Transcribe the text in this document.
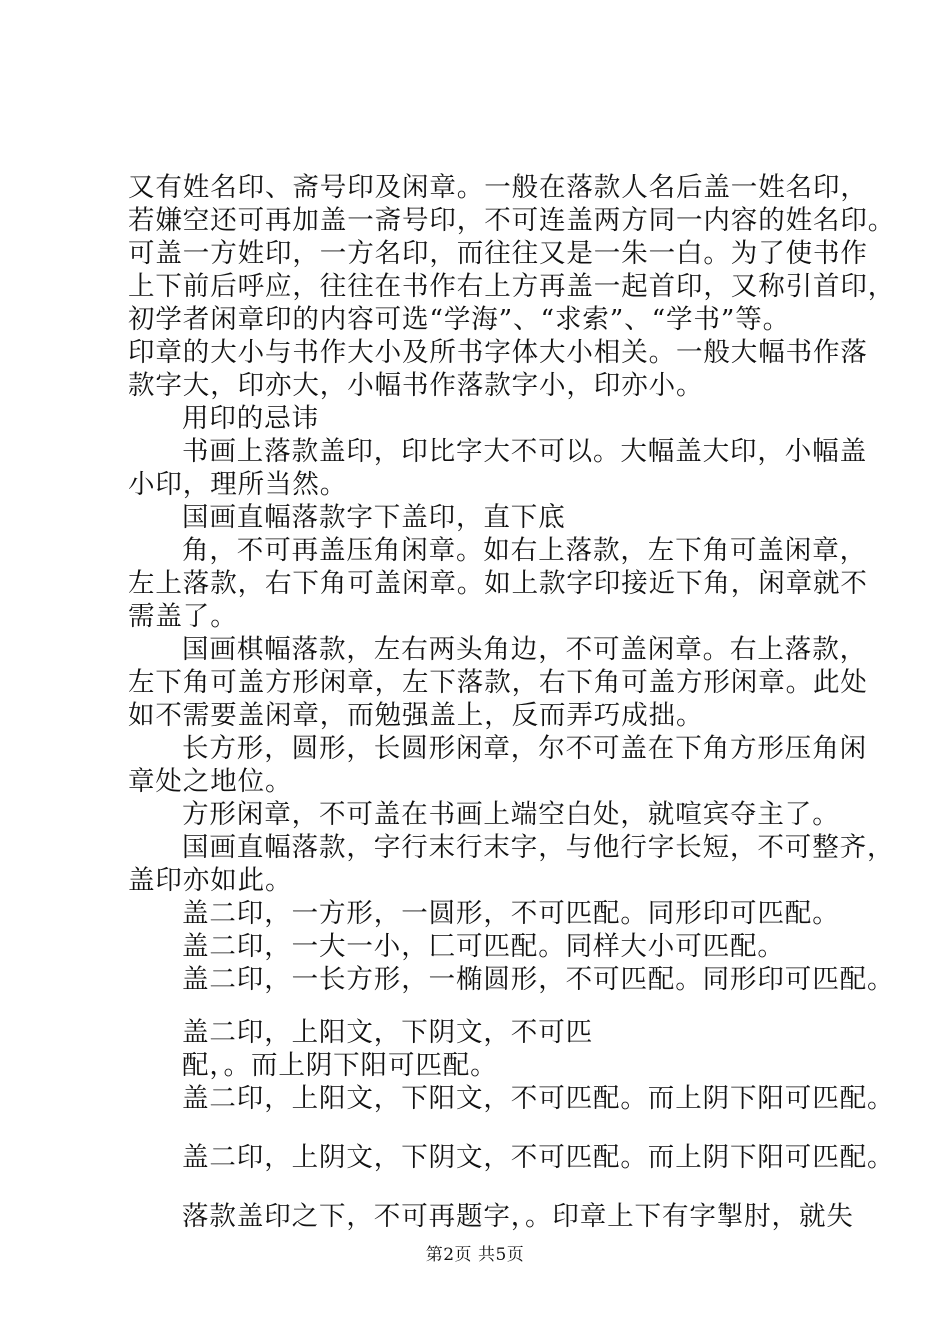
又有姓名印、斋号印及闲章。一般在落款人名后盖一姓名印，
若嫌空还可再加盖一斋号印，不可连盖两方同一内容的姓名印。
可盖一方姓印，一方名印，而往往又是一朱一白。为了使书作
上下前后呼应，往往在书作右上方再盖一起首印，又称引首印，
初学者闲章印的内容可选“学海”、“求索”、“学书”等。
印章的大小与书作大小及所书字体大小相关。一般大幅书作落
款字大，印亦大，小幅书作落款字小，印亦小。
用印的忌讳
书画上落款盖印，印比字大不可以。大幅盖大印，小幅盖
小印，理所当然。
国画直幅落款字下盖印，直下底
角，不可再盖压角闲章。如右上落款，左下角可盖闲章，
左上落款，右下角可盖闲章。如上款字印接近下角，闲章就不
需盖了。
国画棋幅落款，左右两头角边，不可盖闲章。右上落款，
左下角可盖方形闲章，左下落款，右下角可盖方形闲章。此处
如不需要盖闲章，而勉强盖上，反而弄巧成拙。
长方形，圆形，长圆形闲章，尔不可盖在下角方形压角闲
章处之地位。
方形闲章，不可盖在书画上端空白处，就喧宾夺主了。
国画直幅落款，字行末行末字，与他行字长短，不可整齐，
盖印亦如此。
盖二印，一方形，一圆形，不可匹配。同形印可匹配。
盖二印，一大一小，匚可匹配。同样大小可匹配。
盖二印，一长方形，一椭圆形，不可匹配。同形印可匹配。
盖二印，上阳文，下阴文，不可匹
配，。而上阴下阳可匹配。
盖二印，上阳文，下阳文，不可匹配。而上阴下阳可匹配。
盖二印，上阴文，下阴文，不可匹配。而上阴下阳可匹配。
落款盖印之下，不可再题字，。印章上下有字掣肘，就失
第2页 共5页
